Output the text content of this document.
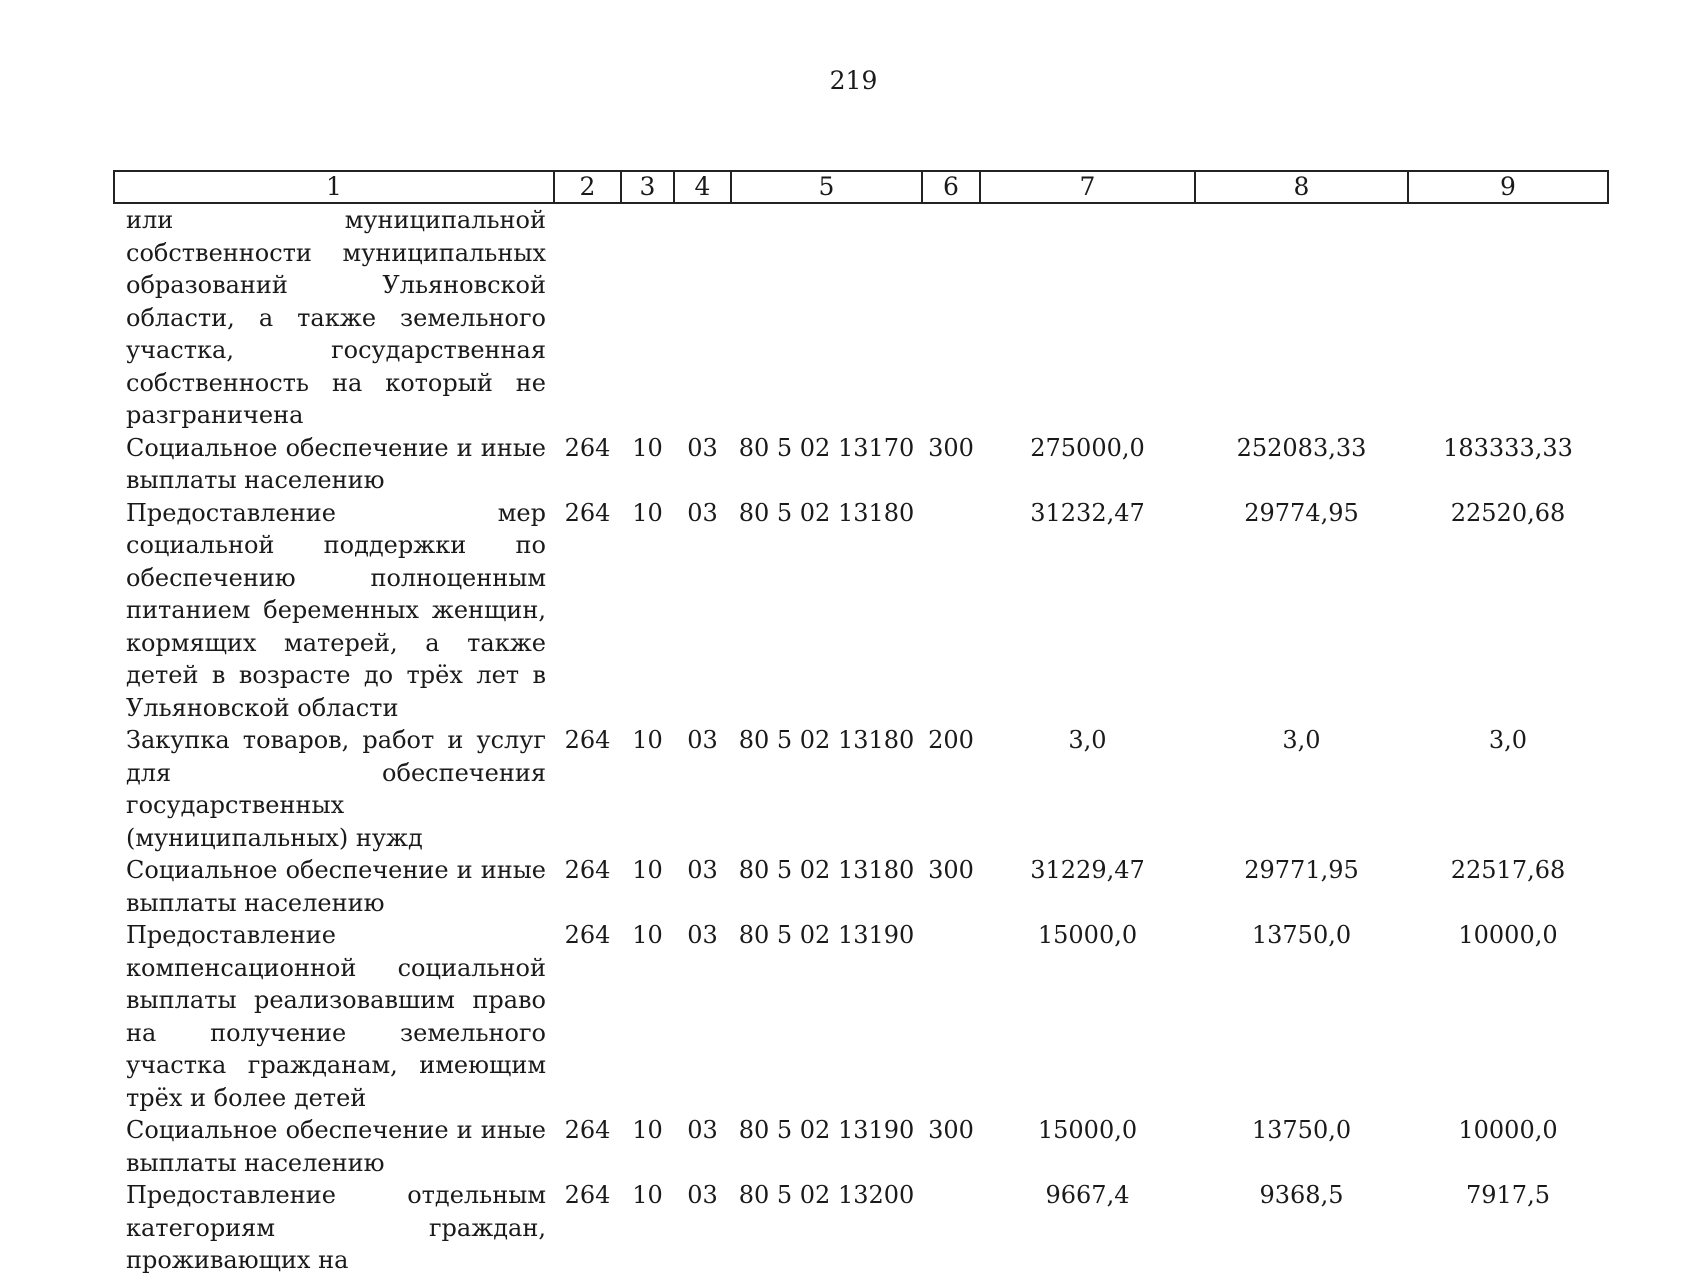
219
1	2	3	4	5	6	7	8	9
или муниципальной собственности муниципальных образований Ульяновской области, а также земельного участка, государственная собственность на который не разграничена								
Социальное обеспечение и иные выплаты населению	264	10	03	80 5 02 13170	300	275000,0	252083,33	183333,33
Предоставление мер социальной поддержки по обеспечению полноценным питанием беременных женщин, кормящих матерей, а также детей в возрасте до трёх лет в Ульяновской области	264	10	03	80 5 02 13180		31232,47	29774,95	22520,68
Закупка товаров, работ и услуг для обеспечения государственных (муниципальных) нужд	264	10	03	80 5 02 13180	200	3,0	3,0	3,0
Социальное обеспечение и иные выплаты населению	264	10	03	80 5 02 13180	300	31229,47	29771,95	22517,68
Предоставление компенсационной социальной выплаты реализовавшим право на получение земельного участка гражданам, имеющим трёх и более детей	264	10	03	80 5 02 13190		15000,0	13750,0	10000,0
Социальное обеспечение и иные выплаты населению	264	10	03	80 5 02 13190	300	15000,0	13750,0	10000,0
Предоставление отдельным категориям граждан, проживающих на	264	10	03	80 5 02 13200		9667,4	9368,5	7917,5
